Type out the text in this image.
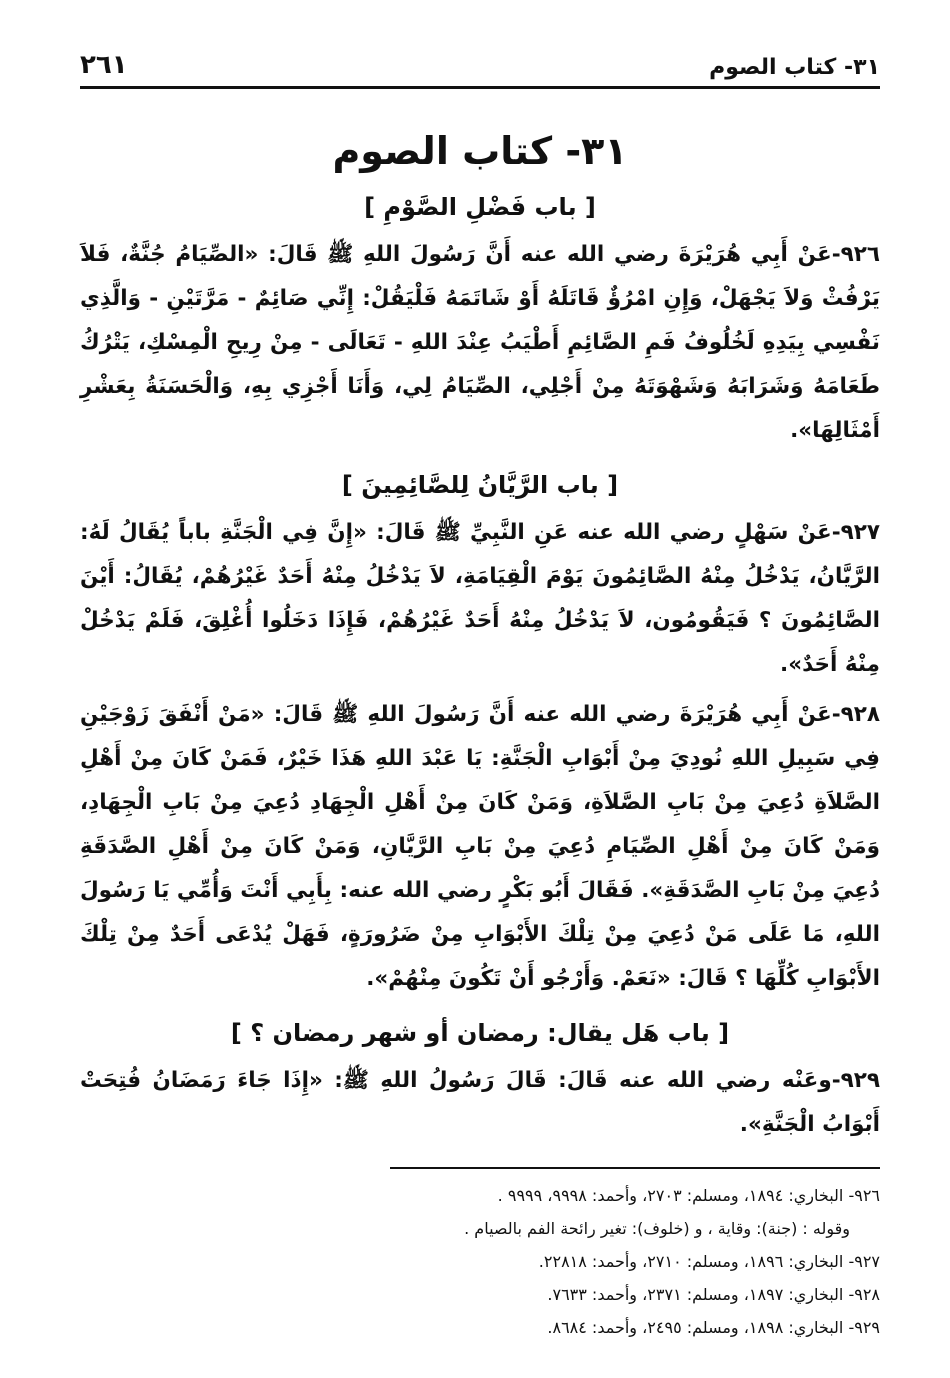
٣١- كتاب الصوم
٢٦١
٣١- كتاب الصوم
[ باب فَضْلِ الصَّوْمِ ]

٩٢٦-عَنْ أَبِي هُرَيْرَةَ رضي الله عنه أَنَّ رَسُولَ اللهِ ﷺ قَالَ: «الصِّيَامُ جُنَّةٌ، فَلاَ يَرْفُثْ وَلاَ يَجْهَلْ، وَإِنِ امْرُؤٌ قَاتَلَهُ أَوْ شَاتَمَهُ فَلْيَقُلْ: إِنِّي صَائِمٌ - مَرَّتَيْنِ - وَالَّذِي نَفْسِي بِيَدِهِ لَخُلُوفُ فَمِ الصَّائِمِ أَطْيَبُ عِنْدَ اللهِ - تَعَالَى - مِنْ رِيحِ الْمِسْكِ، يَتْرُكُ طَعَامَهُ وَشَرَابَهُ وَشَهْوَتَهُ مِنْ أَجْلِي، الصِّيَامُ لِي، وَأَنَا أَجْزِي بِهِ، وَالْحَسَنَةُ بِعَشْرِ أَمْثَالِهَا».

[ باب الرَّيَّانُ لِلصَّائِمِينَ ]

٩٢٧-عَنْ سَهْلٍ رضي الله عنه عَنِ النَّبِيِّ ﷺ قَالَ: «إِنَّ فِي الْجَنَّةِ باباً يُقَالُ لَهُ: الرَّيَّانُ، يَدْخُلُ مِنْهُ الصَّائِمُونَ يَوْمَ الْقِيَامَةِ، لاَ يَدْخُلُ مِنْهُ أَحَدٌ غَيْرُهُمْ، يُقَالُ: أَيْنَ الصَّائِمُونَ ؟ فَيَقُومُون، لاَ يَدْخُلُ مِنْهُ أَحَدٌ غَيْرُهُمْ، فَإِذَا دَخَلُوا أُغْلِقَ، فَلَمْ يَدْخُلْ مِنْهُ أَحَدٌ».

٩٢٨-عَنْ أَبِي هُرَيْرَةَ رضي الله عنه أَنَّ رَسُولَ اللهِ ﷺ قَالَ: «مَنْ أَنْفَقَ زَوْجَيْنِ فِي سَبِيلِ اللهِ نُودِيَ مِنْ أَبْوَابِ الْجَنَّةِ: يَا عَبْدَ اللهِ هَذَا خَيْرٌ، فَمَنْ كَانَ مِنْ أَهْلِ الصَّلاَةِ دُعِيَ مِنْ بَابِ الصَّلاَةِ، وَمَنْ كَانَ مِنْ أَهْلِ الْجِهَادِ دُعِيَ مِنْ بَابِ الْجِهَادِ، وَمَنْ كَانَ مِنْ أَهْلِ الصِّيَامِ دُعِيَ مِنْ بَابِ الرَّيَّانِ، وَمَنْ كَانَ مِنْ أَهْلِ الصَّدَقَةِ دُعِيَ مِنْ بَابِ الصَّدَقَةِ». فَقَالَ أَبُو بَكْرٍ رضي الله عنه: بِأَبِي أَنْتَ وَأُمِّي يَا رَسُولَ اللهِ، مَا عَلَى مَنْ دُعِيَ مِنْ تِلْكَ الأَبْوَابِ مِنْ ضَرُورَةٍ، فَهَلْ يُدْعَى أَحَدٌ مِنْ تِلْكَ الأَبْوَابِ كُلِّهَا ؟ قَالَ: «نَعَمْ. وَأَرْجُو أَنْ تَكُونَ مِنْهُمْ».

[ باب هَل يقال: رمضان أو شهر رمضان ؟ ]

٩٢٩-وعَنْه رضي الله عنه قَالَ: قَالَ رَسُولُ اللهِ ﷺ: «إِذَا جَاءَ رَمَضَانُ فُتِحَتْ أَبْوَابُ الْجَنَّةِ».

٩٢٦- البخاري: ١٨٩٤، ومسلم: ٢٧٠٣، وأحمد: ٩٩٩٨، ٩٩٩٩ .
وقوله : (جنة): وقاية ، و (خلوف): تغير رائحة الفم بالصيام .
٩٢٧- البخاري: ١٨٩٦، ومسلم: ٢٧١٠، وأحمد: ٢٢٨١٨.
٩٢٨- البخاري: ١٨٩٧، ومسلم: ٢٣٧١، وأحمد: ٧٦٣٣.
٩٢٩- البخاري: ١٨٩٨، ومسلم: ٢٤٩٥، وأحمد: ٨٦٨٤.
